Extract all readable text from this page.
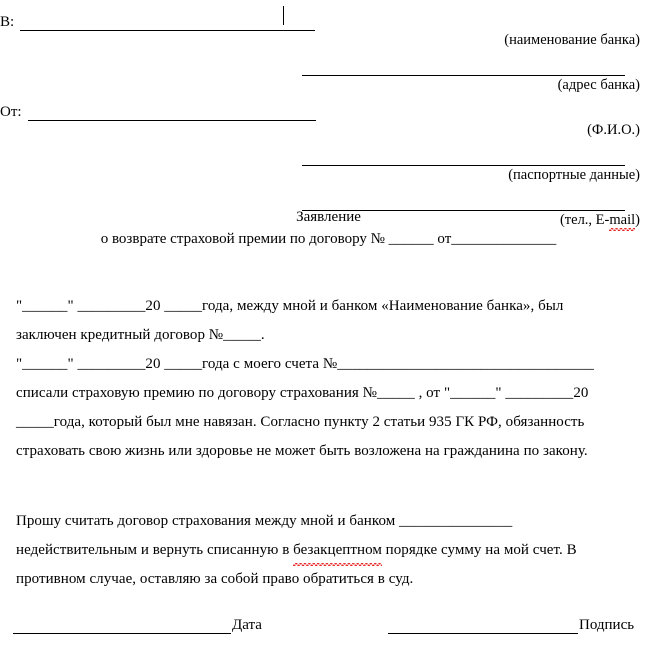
В:
(наименование банка)
(адрес банка)
От:
(Ф.И.О.)
(паспортные данные)
(тел., E-mail)
Заявление
о возврате страховой премии по договору № ______ от______________
"______" _________20 _____года, между мной и банком «Наименование банка», был
заключен кредитный договор №_____.
"______" _________20 _____года с моего счета №__________________________________
списали страховую премию по договору страхования №_____ , от "______" _________20
_____года, который был мне навязан. Согласно пункту 2 статьи 935 ГК РФ, обязанность
страховать свою жизнь или здоровье не может быть возложена на гражданина по закону.
Прошу считать договор страхования между мной и банком _______________
недействительным и вернуть списанную в безакцептном порядке сумму на мой счет. В
противном случае, оставляю за собой право обратиться в суд.
Дата	Подпись
